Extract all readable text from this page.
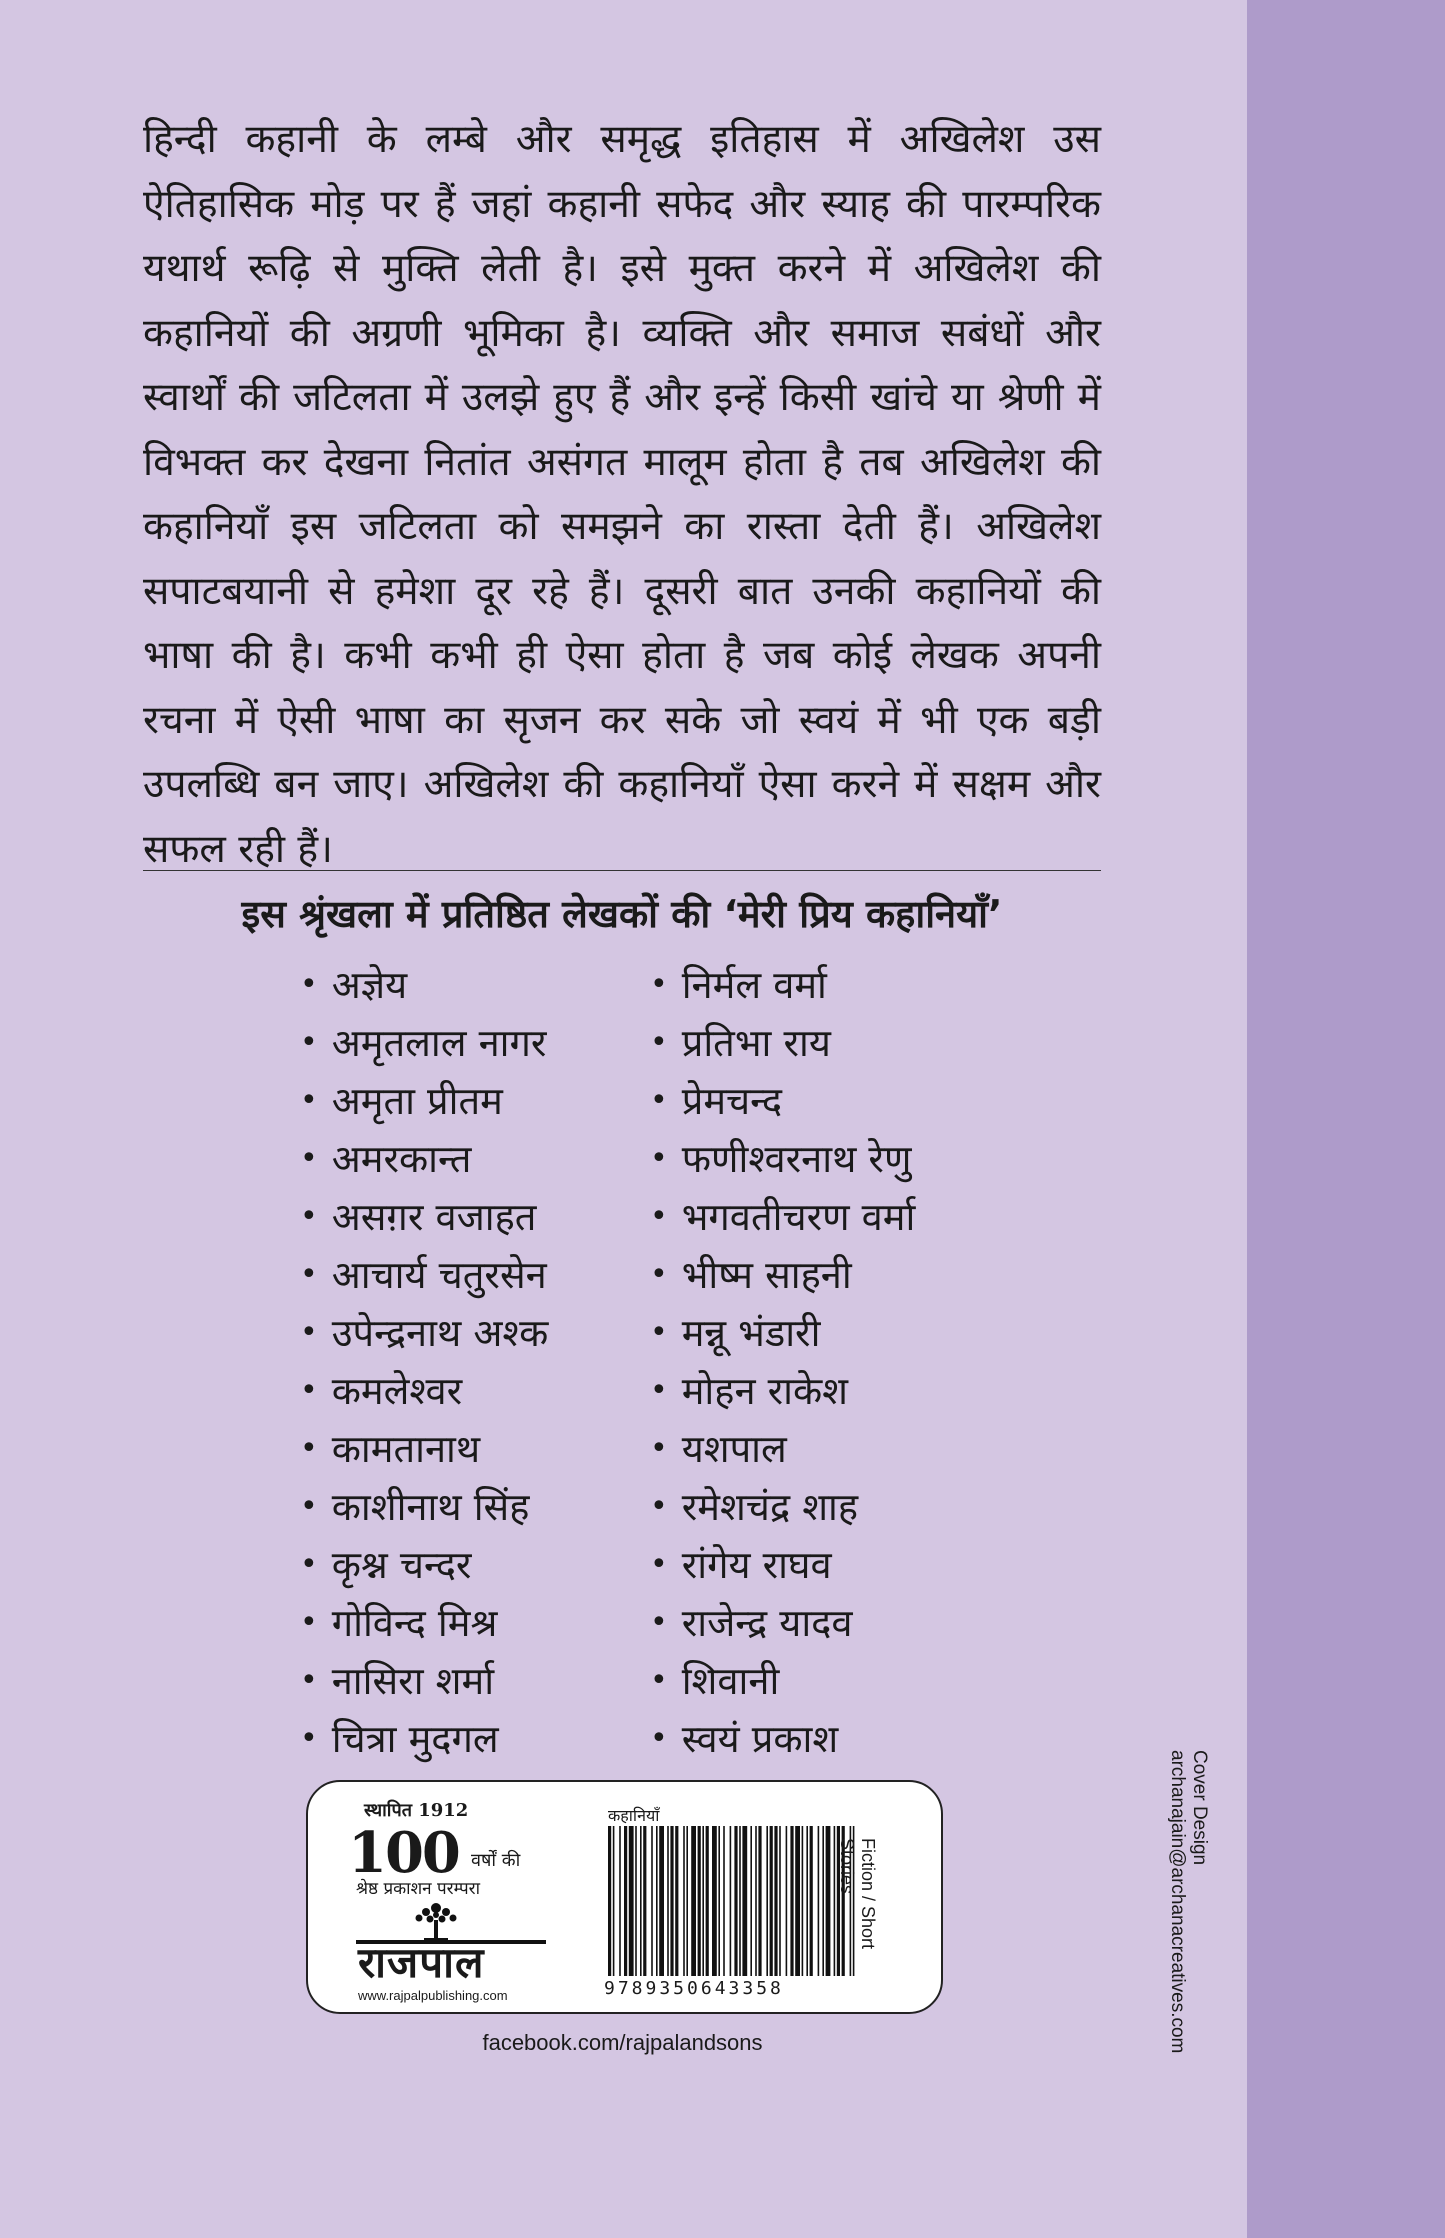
हिन्दी कहानी के लम्बे और समृद्ध इतिहास में अखिलेश उस ऐतिहासिक मोड़ पर हैं जहां कहानी सफेद और स्याह की पारम्परिक यथार्थ रूढ़ि से मुक्ति लेती है। इसे मुक्त करने में अखिलेश की कहानियों की अग्रणी भूमिका है। व्यक्ति और समाज सबंधों और स्वार्थों की जटिलता में उलझे हुए हैं और इन्हें किसी खांचे या श्रेणी में विभक्त कर देखना नितांत असंगत मालूम होता है तब अखिलेश की कहानियाँ इस जटिलता को समझने का रास्ता देती हैं। अखिलेश सपाटबयानी से हमेशा दूर रहे हैं। दूसरी बात उनकी कहानियों की भाषा की है। कभी कभी ही ऐसा होता है जब कोई लेखक अपनी रचना में ऐसी भाषा का सृजन कर सके जो स्वयं में भी एक बड़ी उपलब्धि बन जाए। अखिलेश की कहानियाँ ऐसा करने में सक्षम और सफल रही हैं।

इस श्रृंखला में प्रतिष्ठित लेखकों की ‘मेरी प्रिय कहानियाँ’
• अज्ञेय
• अमृतलाल नागर
• अमृता प्रीतम
• अमरकान्त
• असग़र वजाहत
• आचार्य चतुरसेन
• उपेन्द्रनाथ अश्क
• कमलेश्वर
• कामतानाथ
• काशीनाथ सिंह
• कृश्न चन्दर
• गोविन्द मिश्र
• नासिरा शर्मा
• चित्रा मुदगल
• निर्मल वर्मा
• प्रतिभा राय
• प्रेमचन्द
• फणीश्वरनाथ रेणु
• भगवतीचरण वर्मा
• भीष्म साहनी
• मन्नू भंडारी
• मोहन राकेश
• यशपाल
• रमेशचंद्र शाह
• रांगेय राघव
• राजेन्द्र यादव
• शिवानी
• स्वयं प्रकाश
स्थापित 1912
100 वर्षों की
श्रेष्ठ प्रकाशन परम्परा
राजपाल
www.rajpalpublishing.com
कहानियाँ
9789350643358
Fiction / Short Stories
facebook.com/rajpalandsons
Cover Design
archanajain@archanacreatives.com
